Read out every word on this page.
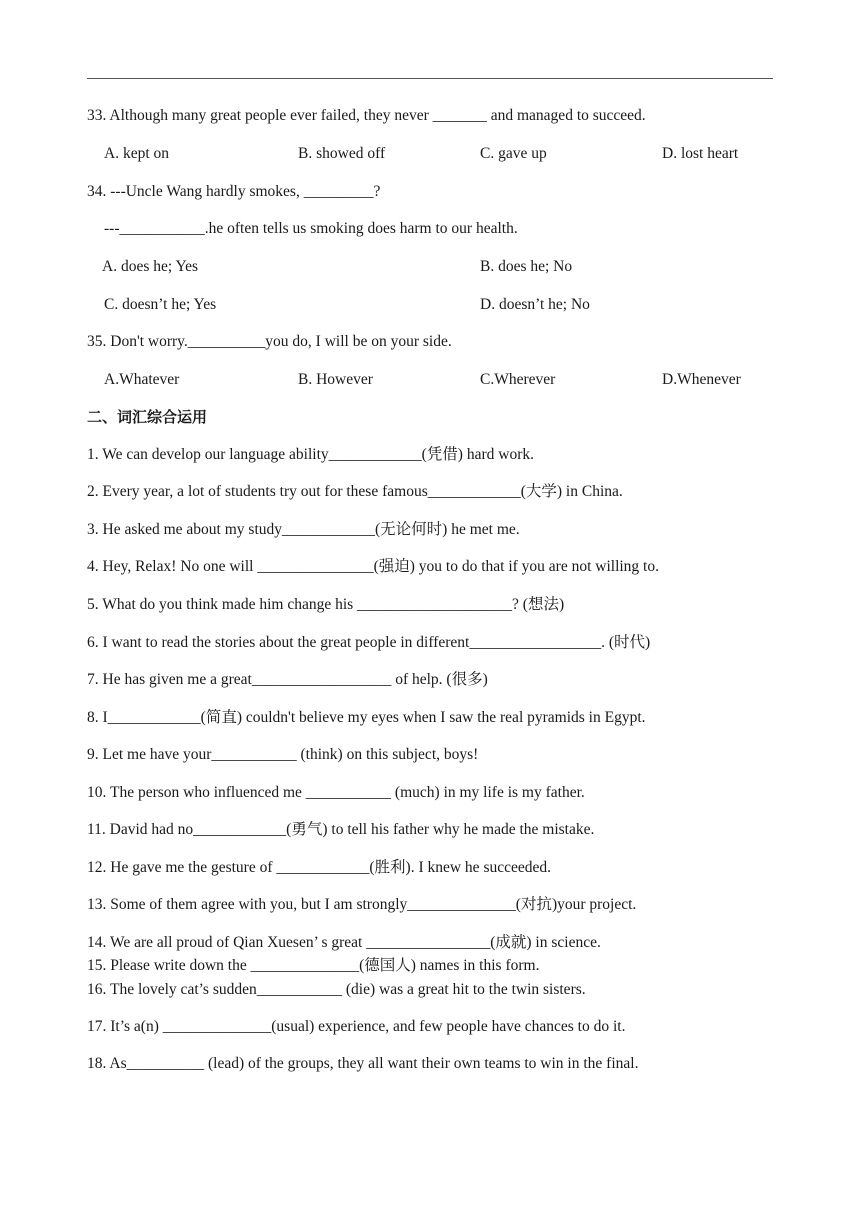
33. Although many great people ever failed, they never _______ and managed to succeed.
A. kept on	B. showed off	C. gave up	D. lost heart
34. ---Uncle Wang hardly smokes, _________?
---___________.he often tells us smoking does harm to our health.
A. does he; Yes	B. does he; No
C. doesn’t he; Yes	D. doesn’t he; No
35. Don't worry.__________you do, I will be on your side.
A.Whatever	B. However	C.Wherever	D.Whenever
二、词汇综合运用
1. We can develop our language ability____________(凭借) hard work.
2. Every year, a lot of students try out for these famous____________(大学) in China.
3. He asked me about my study____________(无论何时) he met me.
4. Hey, Relax! No one will _______________(强迫) you to do that if you are not willing to.
5. What do you think made him change his ____________________? (想法)
6. I want to read the stories about the great people in different_________________. (时代)
7. He has given me a great__________________ of help. (很多)
8. I____________(简直) couldn't believe my eyes when I saw the real pyramids in Egypt.
9. Let me have your___________ (think) on this subject, boys!
10. The person who influenced me ___________ (much) in my life is my father.
11. David had no____________(勇气) to tell his father why he made the mistake.
12. He gave me the gesture of ____________(胜利). I knew he succeeded.
13. Some of them agree with you, but I am strongly______________(对抗)your project.
14. We are all proud of Qian Xuesen’ s great ________________(成就) in science.
15. Please write down the ______________(德国人) names in this form.
16. The lovely cat’s sudden___________ (die) was a great hit to the twin sisters.
17. It’s a(n) ______________(usual) experience, and few people have chances to do it.
18. As__________ (lead) of the groups, they all want their own teams to win in the final.
